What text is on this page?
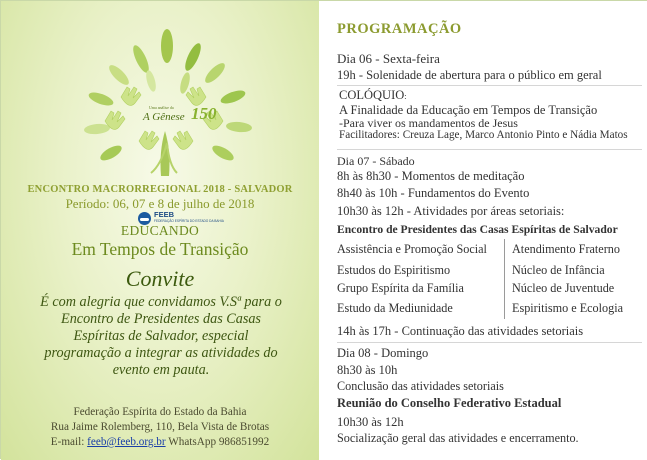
Uma análise da
A Gênese 150
ENCONTRO MACRORREGIONAL 2018 - SALVADOR
Período: 06, 07 e 8 de julho de 2018
FEEB
FEDERAÇÃO ESPÍRITA DO ESTADO DA BAHIA
EDUCANDO
Em Tempos de Transição
Convite
É com alegria que convidamos V.Sª para o
Encontro de Presidentes das Casas
Espíritas de Salvador, especial
programação a integrar as atividades do
evento em pauta.
Federação Espírita do Estado da Bahia
Rua Jaime Rolemberg, 110, Bela Vista de Brotas
E-mail: feeb@feeb.org.br WhatsApp 986851992
PROGRAMAÇÃO
Dia 06 - Sexta-feira
19h - Solenidade de abertura para o público em geral
COLÓQUIO:
A Finalidade da Educação em Tempos de Transição
-Para viver os mandamentos de Jesus
Facilitadores: Creuza Lage, Marco Antonio Pinto e Nádia Matos
Dia 07 - Sábado
8h às 8h30 - Momentos de meditação
8h40 às 10h - Fundamentos do Evento
10h30 às 12h - Atividades por áreas setoriais:
Encontro de Presidentes das Casas Espíritas de Salvador
Assistência e Promoção Social
Estudos do Espiritismo
Grupo Espírita da Família
Estudo da Mediunidade
Atendimento Fraterno
Núcleo de Infância
Núcleo de Juventude
Espiritismo e Ecologia
14h às 17h - Continuação das atividades setoriais
Dia 08 - Domingo
8h30 às 10h
Conclusão das atividades setoriais
Reunião do Conselho Federativo Estadual
10h30 às 12h
Socialização geral das atividades e encerramento.
